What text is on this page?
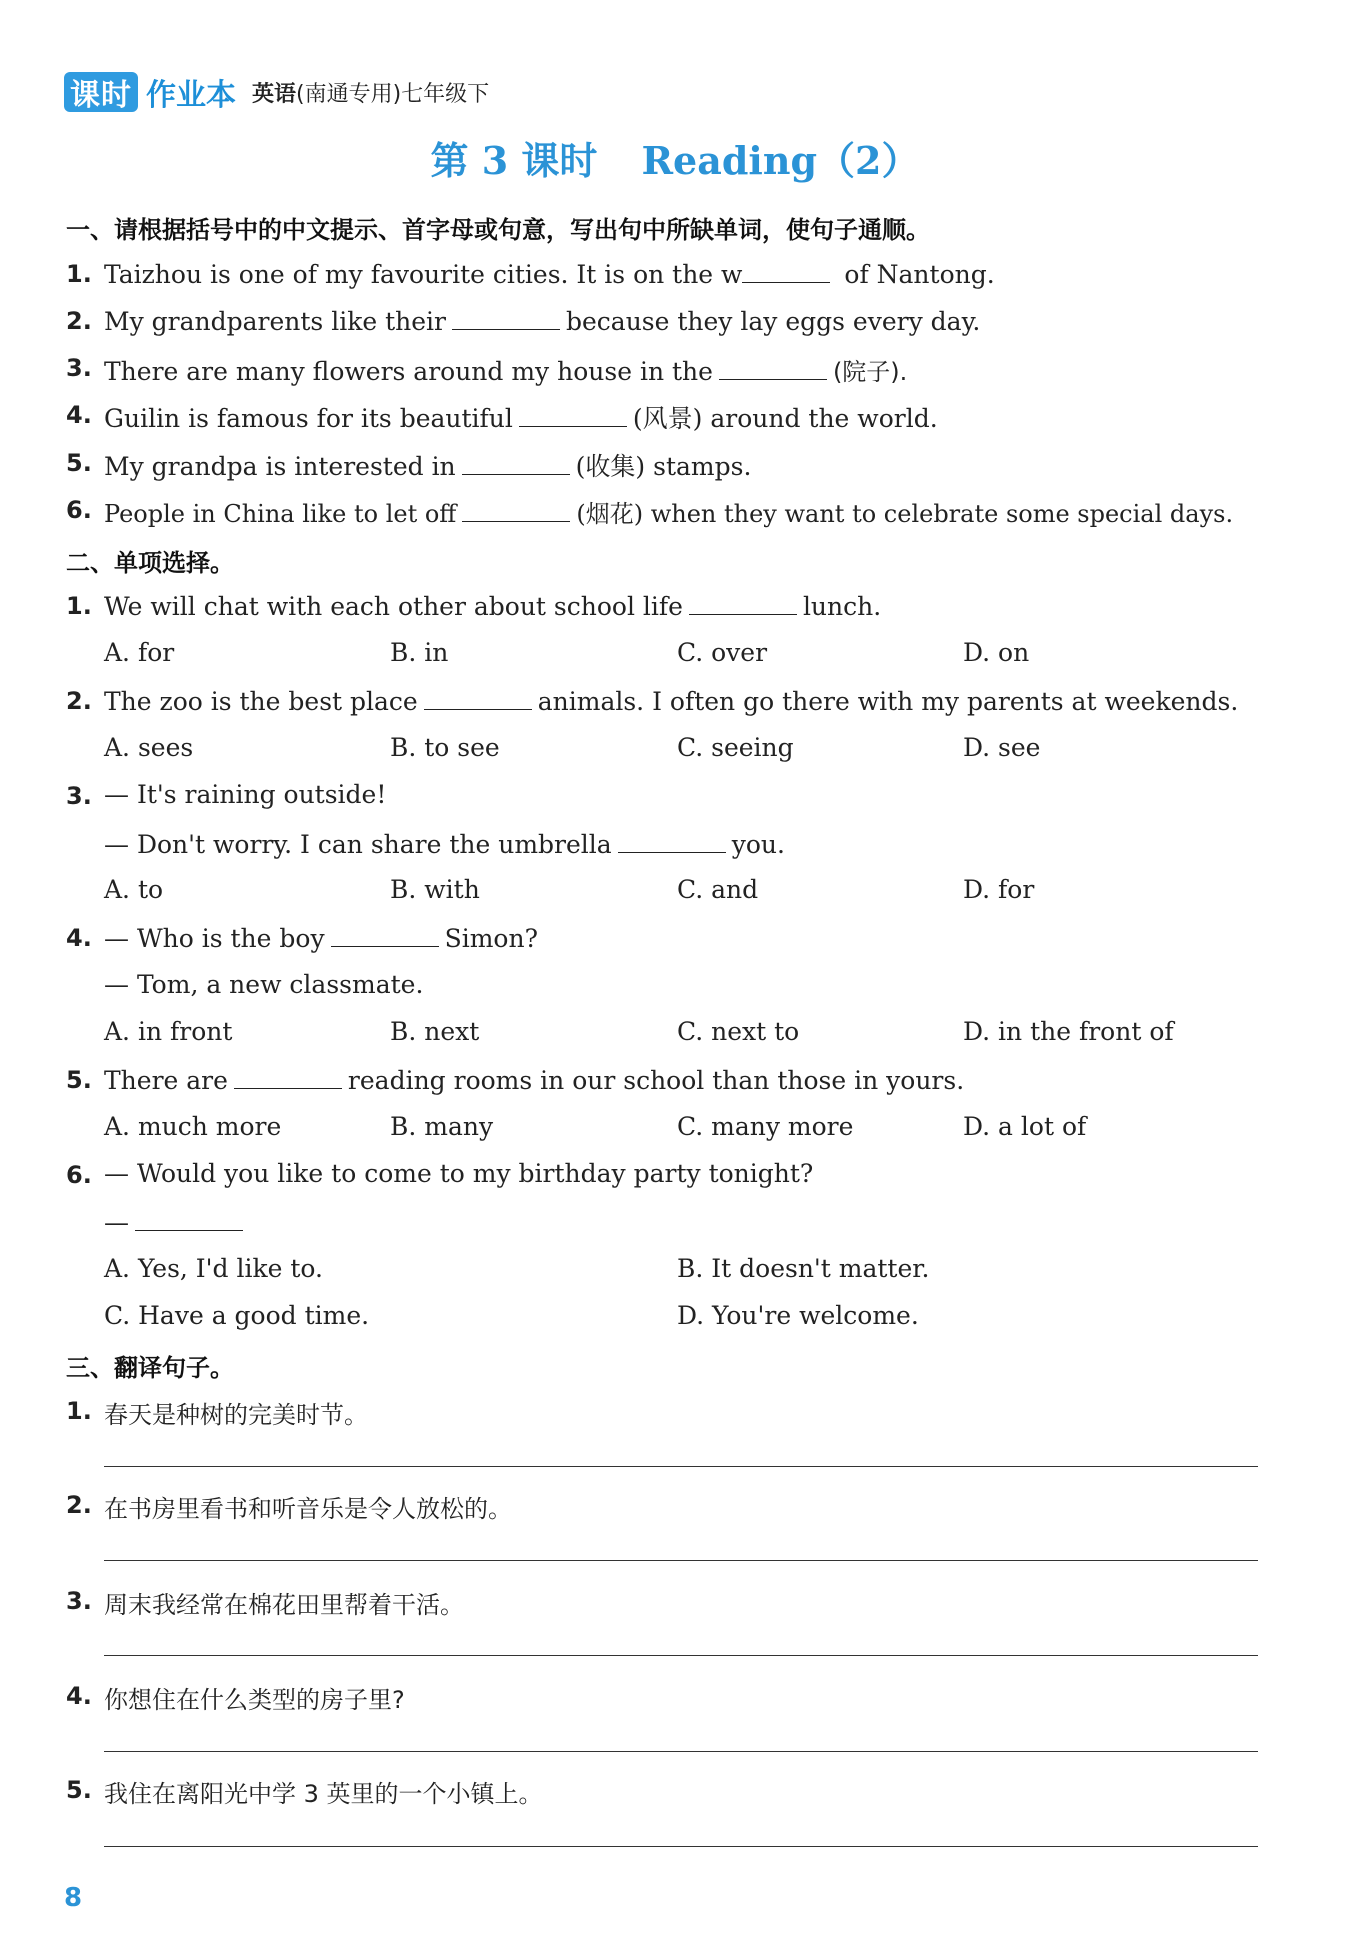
课时 作业本 英语(南通专用)七年级下
第 3 课时 Reading（2）
一、请根据括号中的中文提示、首字母或句意，写出句中所缺单词，使句子通顺。
1. Taizhou is one of my favourite cities. It is on the w	of Nantong.
2. My grandparents like their	because they lay eggs every day.
3. There are many flowers around my house in the	(院子).
4. Guilin is famous for its beautiful	(风景) around the world.
5. My grandpa is interested in	(收集) stamps.
6. People in China like to let off	(烟花) when they want to celebrate some special days.
二、单项选择。
1. We will chat with each other about school life	lunch.
A. for	B. in	C. over	D. on
2. The zoo is the best place	animals. I often go there with my parents at weekends.
A. sees	B. to see	C. seeing	D. see
3. — It's raining outside!
— Don't worry. I can share the umbrella	you.
A. to	B. with	C. and	D. for
4. — Who is the boy	Simon?
— Tom, a new classmate.
A. in front	B. next	C. next to	D. in the front of
5. There are	reading rooms in our school than those in yours.
A. much more	B. many	C. many more	D. a lot of
6. — Would you like to come to my birthday party tonight?
—
A. Yes, I'd like to.	B. It doesn't matter.
C. Have a good time.	D. You're welcome.
三、翻译句子。
1. 春天是种树的完美时节。
2. 在书房里看书和听音乐是令人放松的。
3. 周末我经常在棉花田里帮着干活。
4. 你想住在什么类型的房子里?
5. 我住在离阳光中学 3 英里的一个小镇上。
8
